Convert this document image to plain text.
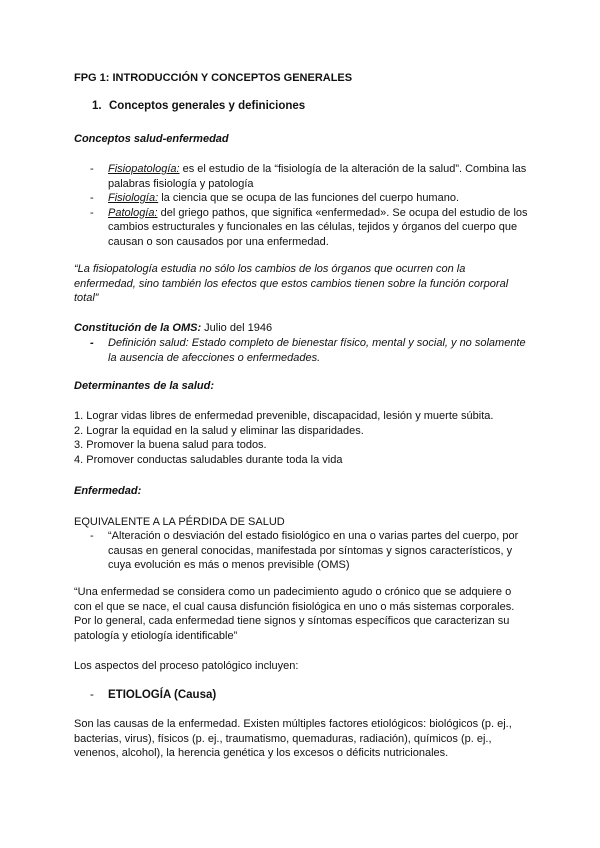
FPG 1: INTRODUCCIÓN Y CONCEPTOS GENERALES
1. Conceptos generales y definiciones
Conceptos salud-enfermedad
- Fisiopatología: es el estudio de la “fisiología de la alteración de la salud”. Combina las palabras fisiología y patología
- Fisiología: la ciencia que se ocupa de las funciones del cuerpo humano.
- Patología: del griego pathos, que significa «enfermedad». Se ocupa del estudio de los cambios estructurales y funcionales en las células, tejidos y órganos del cuerpo que causan o son causados por una enfermedad.
“La fisiopatología estudia no sólo los cambios de los órganos que ocurren con la enfermedad, sino también los efectos que estos cambios tienen sobre la función corporal total”
Constitución de la OMS: Julio del 1946
- Definición salud: Estado completo de bienestar físico, mental y social, y no solamente la ausencia de afecciones o enfermedades.
Determinantes de la salud:
1. Lograr vidas libres de enfermedad prevenible, discapacidad, lesión y muerte súbita.
2. Lograr la equidad en la salud y eliminar las disparidades.
3. Promover la buena salud para todos.
4. Promover conductas saludables durante toda la vida
Enfermedad:
EQUIVALENTE A LA PÉRDIDA DE SALUD
- “Alteración o desviación del estado fisiológico en una o varias partes del cuerpo, por causas en general conocidas, manifestada por síntomas y signos característicos, y cuya evolución es más o menos previsible (OMS)
“Una enfermedad se considera como un padecimiento agudo o crónico que se adquiere o con el que se nace, el cual causa disfunción fisiológica en uno o más sistemas corporales. Por lo general, cada enfermedad tiene signos y síntomas específicos que caracterizan su patología y etiología identificable”
Los aspectos del proceso patológico incluyen:
- ETIOLOGÍA (Causa)
Son las causas de la enfermedad. Existen múltiples factores etiológicos: biológicos (p. ej., bacterias, virus), físicos (p. ej., traumatismo, quemaduras, radiación), químicos (p. ej., venenos, alcohol), la herencia genética y los excesos o déficits nutricionales.
